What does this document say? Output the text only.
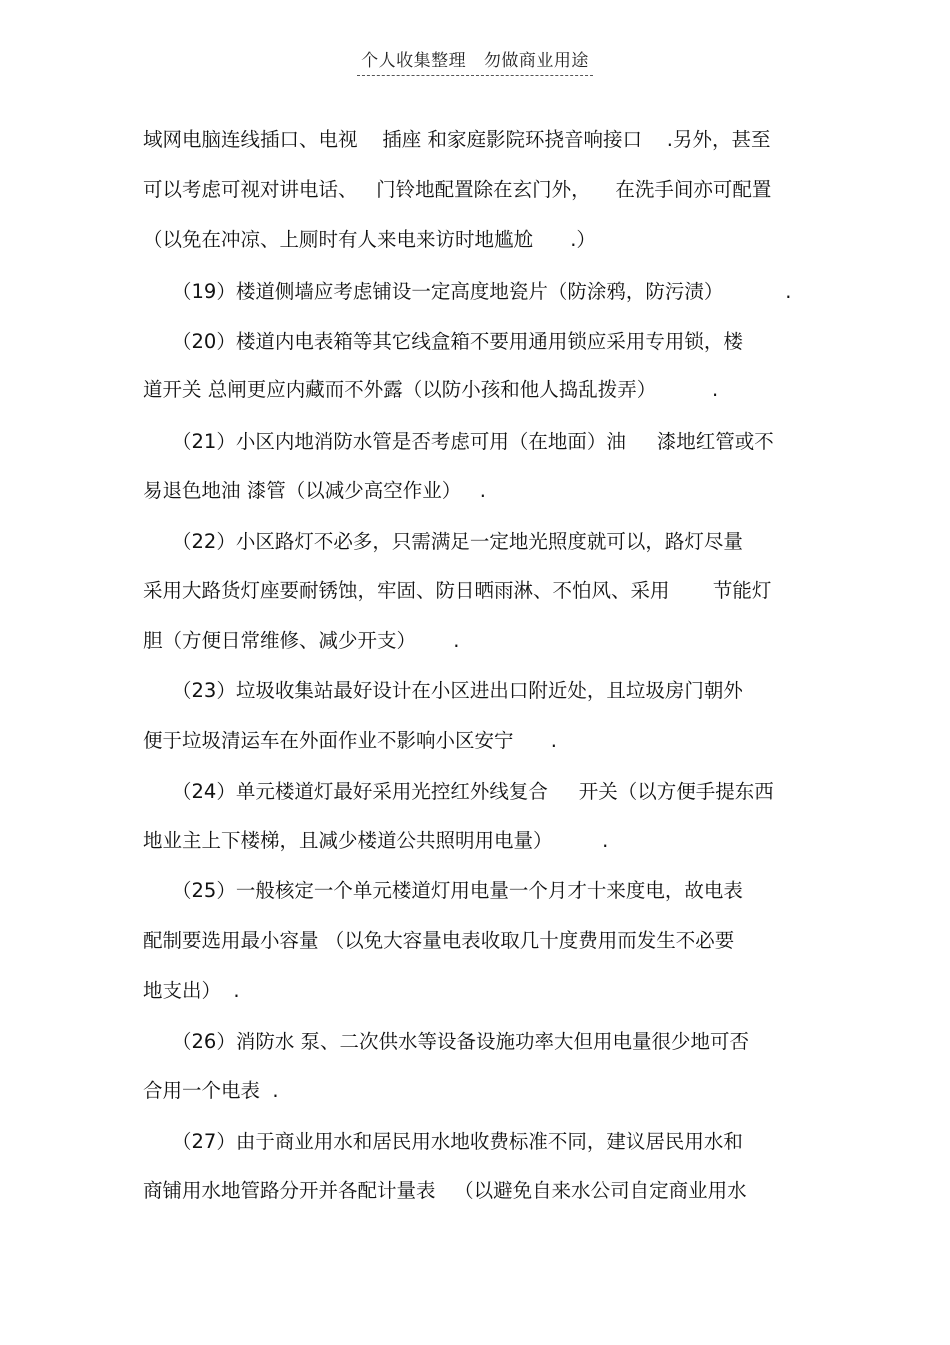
个人收集整理   勿做商业用途
域网电脑连线插口、电视    插座 和家庭影院环挠音响接口    .另外，甚至
可以考虑可视对讲电话、   门铃地配置除在玄门外，    在洗手间亦可配置
（以免在冲凉、上厕时有人来电来访时地尴尬      .）
（19）楼道侧墙应考虑铺设一定高度地瓷片（防涂鸦，防污渍）          .
（20）楼道内电表箱等其它线盒箱不要用通用锁应采用专用锁，楼
道开关 总闸更应内藏而不外露（以防小孩和他人捣乱拨弄）         .
（21）小区内地消防水管是否考虑可用（在地面）油     漆地红管或不
易退色地油 漆管（以减少高空作业）   .
（22）小区路灯不必多，只需满足一定地光照度就可以，路灯尽量
采用大路货灯座要耐锈蚀，牢固、防日晒雨淋、不怕风、采用       节能灯
胆（方便日常维修、减少开支）      .
（23）垃圾收集站最好设计在小区进出口附近处，且垃圾房门朝外
便于垃圾清运车在外面作业不影响小区安宁      .
（24）单元楼道灯最好采用光控红外线复合     开关（以方便手提东西
地业主上下楼梯，且减少楼道公共照明用电量）        .
（25）一般核定一个单元楼道灯用电量一个月才十来度电，故电表
配制要选用最小容量 （以免大容量电表收取几十度费用而发生不必要
地支出）  .
（26）消防水 泵、二次供水等设备设施功率大但用电量很少地可否
合用一个电表  .
（27）由于商业用水和居民用水地收费标准不同，建议居民用水和
商铺用水地管路分开并各配计量表   （以避免自来水公司自定商业用水
